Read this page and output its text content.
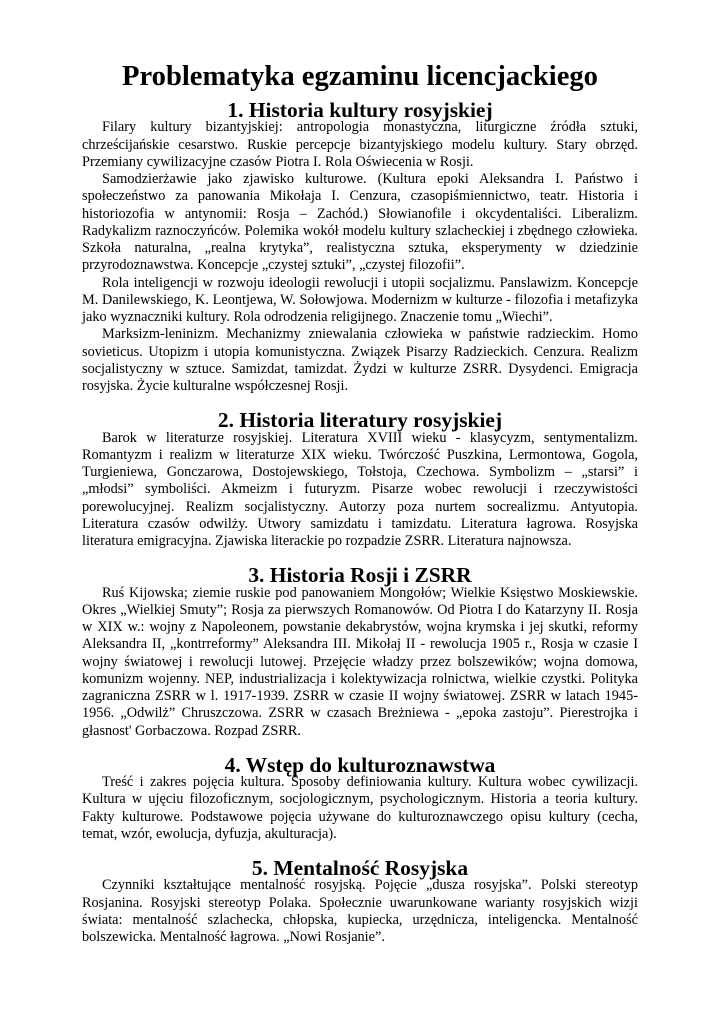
Problematyka egzaminu licencjackiego
1. Historia kultury rosyjskiej

Filary kultury bizantyjskiej: antropologia monastyczna, liturgiczne źródła sztuki, chrześcijańskie cesarstwo. Ruskie percepcje bizantyjskiego modelu kultury. Stary obrzęd. Przemiany cywilizacyjne czasów Piotra I. Rola Oświecenia w Rosji.

Samodzierżawie jako zjawisko kulturowe. (Kultura epoki Aleksandra I. Państwo i społeczeństwo za panowania Mikołaja I. Cenzura, czasopiśmiennictwo, teatr. Historia i historiozofia w antynomii: Rosja – Zachód.) Słowianofile i okcydentaliści. Liberalizm. Radykalizm raznoczyńców. Polemika wokół modelu kultury szlacheckiej i zbędnego człowieka. Szkoła naturalna, „realna krytyka”, realistyczna sztuka, eksperymenty w dziedzinie przyrodoznawstwa. Koncepcje „czystej sztuki”, „czystej filozofii”.

Rola inteligencji w rozwoju ideologii rewolucji i utopii socjalizmu. Panslawizm. Koncepcje M. Danilewskiego, K. Leontjewa, W. Sołowjowa. Modernizm w kulturze - filozofia i metafizyka jako wyznaczniki kultury. Rola odrodzenia religijnego. Znaczenie tomu „Wiechi”.

Marksizm-leninizm. Mechanizmy zniewalania człowieka w państwie radzieckim. Homo sovieticus. Utopizm i utopia komunistyczna. Związek Pisarzy Radzieckich. Cenzura. Realizm socjalistyczny w sztuce. Samizdat, tamizdat. Żydzi w kulturze ZSRR. Dysydenci. Emigracja rosyjska. Życie kulturalne współczesnej Rosji.

2. Historia literatury rosyjskiej

Barok w literaturze rosyjskiej. Literatura XVIII wieku - klasycyzm, sentymentalizm. Romantyzm i realizm w literaturze XIX wieku. Twórczość Puszkina, Lermontowa, Gogola, Turgieniewa, Gonczarowa, Dostojewskiego, Tołstoja, Czechowa. Symbolizm – „starsi” i „młodsi” symboliści. Akmeizm i futuryzm. Pisarze wobec rewolucji i rzeczywistości porewolucyjnej. Realizm socjalistyczny. Autorzy poza nurtem socrealizmu. Antyutopia. Literatura czasów odwilży. Utwory samizdatu i tamizdatu. Literatura łagrowa. Rosyjska literatura emigracyjna. Zjawiska literackie po rozpadzie ZSRR. Literatura najnowsza.

3. Historia Rosji i ZSRR

Ruś Kijowska; ziemie ruskie pod panowaniem Mongołów; Wielkie Księstwo Moskiewskie. Okres „Wielkiej Smuty”; Rosja za pierwszych Romanowów. Od Piotra I do Katarzyny II. Rosja w XIX w.: wojny z Napoleonem, powstanie dekabrystów, wojna krymska i jej skutki, reformy Aleksandra II, „kontrreformy” Aleksandra III. Mikołaj II - rewolucja 1905 r., Rosja w czasie I wojny światowej i rewolucji lutowej. Przejęcie władzy przez bolszewików; wojna domowa, komunizm wojenny. NEP, industrializacja i kolektywizacja rolnictwa, wielkie czystki. Polityka zagraniczna ZSRR w l. 1917-1939. ZSRR w czasie II wojny światowej. ZSRR w latach 1945-1956. „Odwilż” Chruszczowa. ZSRR w czasach Breżniewa - „epoka zastoju”. Pierestrojka i głasnost' Gorbaczowa. Rozpad ZSRR.

4. Wstęp do kulturoznawstwa

Treść i zakres pojęcia kultura. Sposoby definiowania kultury. Kultura wobec cywilizacji. Kultura w ujęciu filozoficznym, socjologicznym, psychologicznym. Historia a teoria kultury. Fakty kulturowe. Podstawowe pojęcia używane do kulturoznawczego opisu kultury (cecha, temat, wzór, ewolucja, dyfuzja, akulturacja).

5. Mentalność Rosyjska

Czynniki kształtujące mentalność rosyjską. Pojęcie „dusza rosyjska”. Polski stereotyp Rosjanina. Rosyjski stereotyp Polaka. Społecznie uwarunkowane warianty rosyjskich wizji świata: mentalność szlachecka, chłopska, kupiecka, urzędnicza, inteligencka. Mentalność bolszewicka. Mentalność łagrowa. „Nowi Rosjanie”.
